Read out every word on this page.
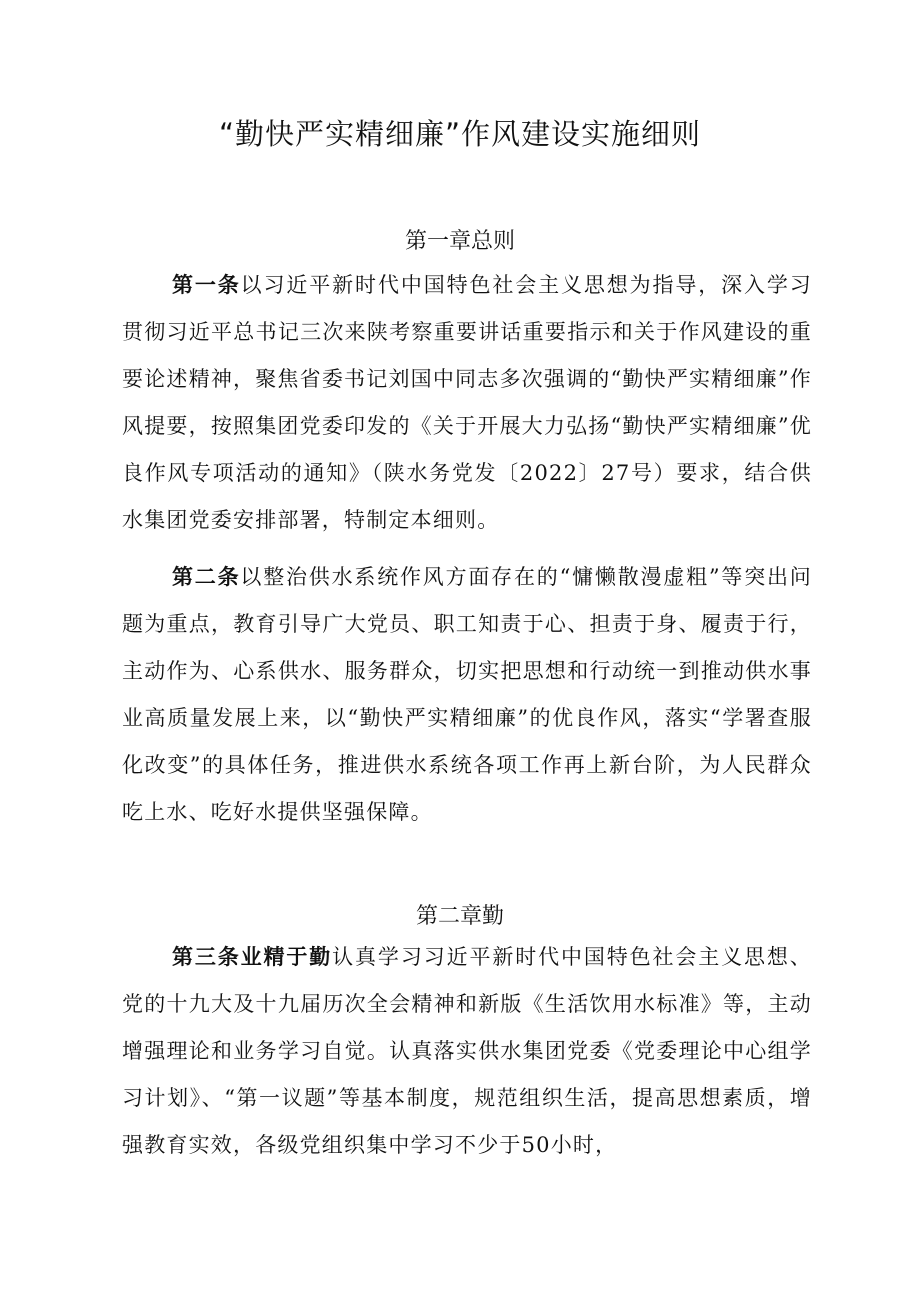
“勤快严实精细廉”作风建设实施细则
第一章总则

第一条以习近平新时代中国特色社会主义思想为指导，深入学习贯彻习近平总书记三次来陕考察重要讲话重要指示和关于作风建设的重要论述精神，聚焦省委书记刘国中同志多次强调的“勤快严实精细廉”作风提要，按照集团党委印发的《关于开展大力弘扬“勤快严实精细廉”优良作风专项活动的通知》（陕水务党发〔2022〕27号）要求，结合供水集团党委安排部署，特制定本细则。

第二条以整治供水系统作风方面存在的“慵懒散漫虚粗”等突出问题为重点，教育引导广大党员、职工知责于心、担责于身、履责于行，主动作为、心系供水、服务群众，切实把思想和行动统一到推动供水事业高质量发展上来，以“勤快严实精细廉”的优良作风，落实“学署查服化改变”的具体任务，推进供水系统各项工作再上新台阶，为人民群众吃上水、吃好水提供坚强保障。

第二章勤

第三条业精于勤认真学习习近平新时代中国特色社会主义思想、党的十九大及十九届历次全会精神和新版《生活饮用水标准》等，主动增强理论和业务学习自觉。认真落实供水集团党委《党委理论中心组学习计划》、“第一议题”等基本制度，规范组织生活，提高思想素质，增强教育实效，各级党组织集中学习不少于50小时，
